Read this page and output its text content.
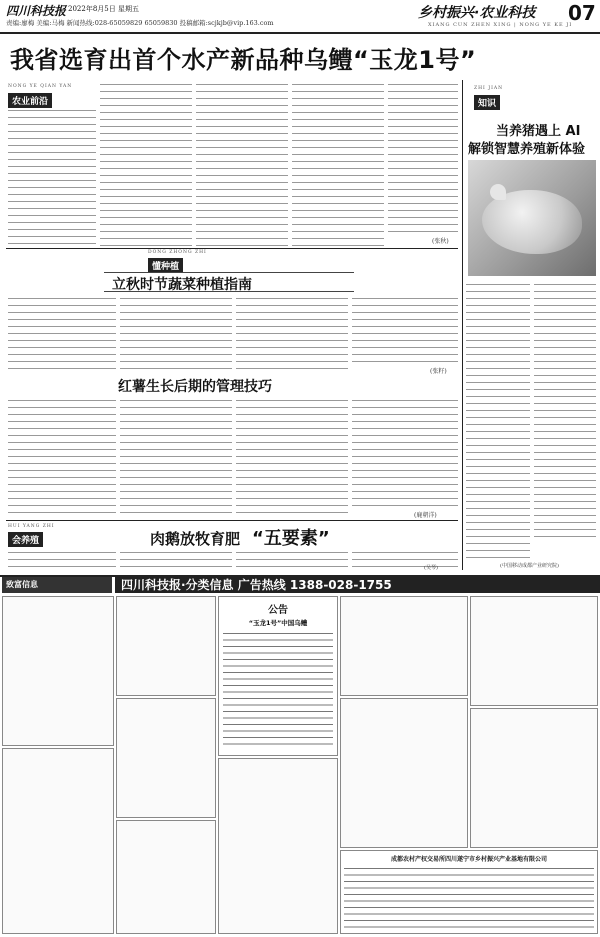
四川科技报 2022年8月5日 星期五
责编:廖梅 美编:马梅 新闻热线:028-65059829 65059830 投稿邮箱:scjkjb@vip.163.com
乡村振兴·农业科技
XIANG CUN ZHEN XING | NONG YE KE JI
07
我省选育出首个水产新品种乌鳢“玉龙1号”
NONG YE QIAN YAN
农业前沿
(张秋)
ZHI JIAN
知识
当养猪遇上 AI
解锁智慧养殖新体验
(中国移动成都产业研究院)
DONG ZHONG ZHI
懂种植
立秋时节蔬菜种植指南
(张籽)
红薯生长后期的管理技巧
(鹿朝洋)
HUI YANG ZHI
会养殖	肉鹅放牧育肥 “五要素”
(吴琴)
致富信息	四川科技报·分类信息 广告热线 1388-028-1755
公告
“玉龙1号”中国乌鳢
成都农村产权交易所四川遂宁市乡村振兴产业基地有限公司
